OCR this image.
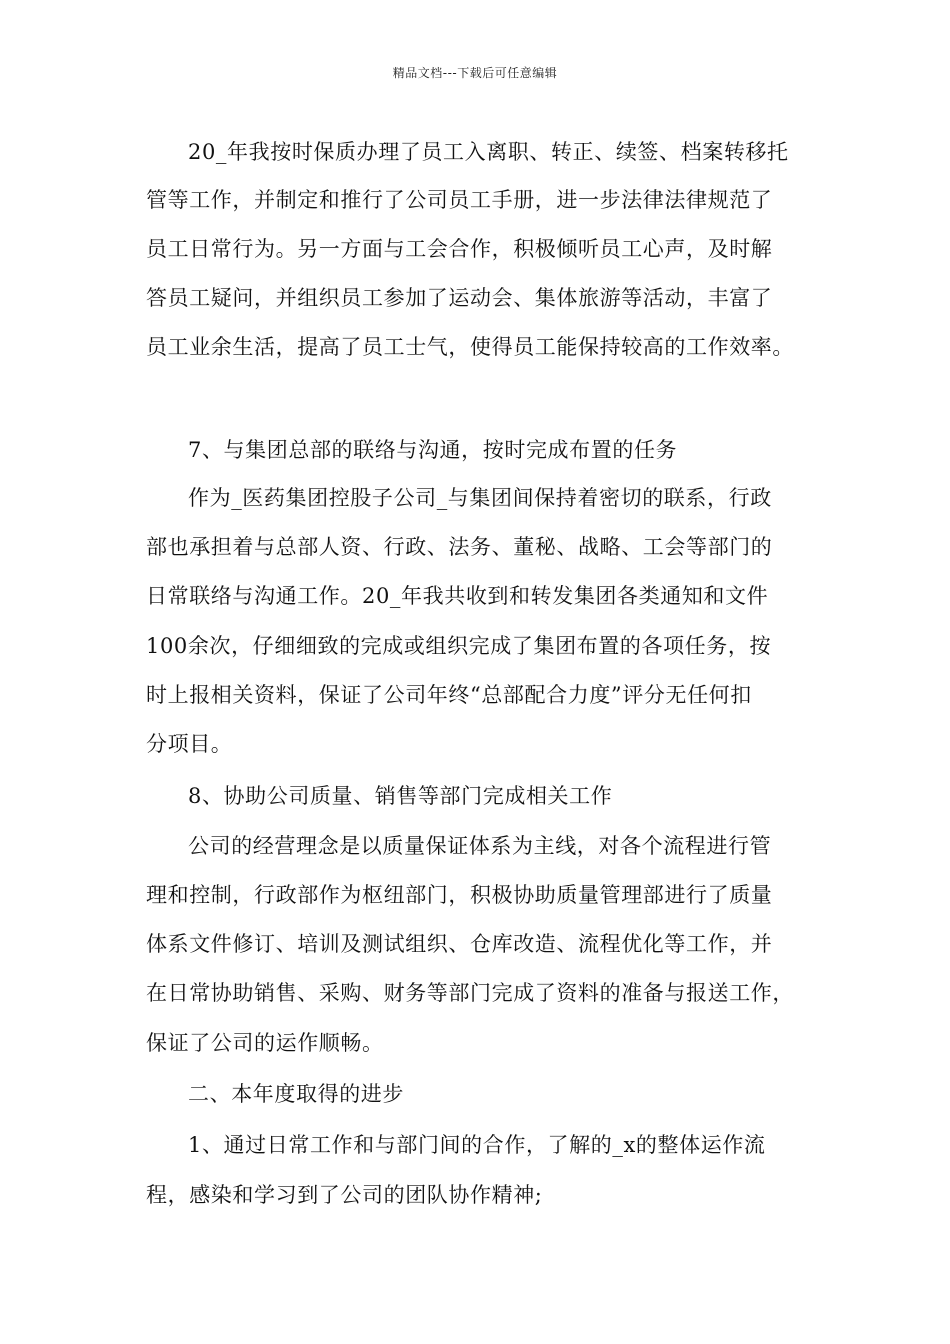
精品文档---下载后可任意编辑
20_年我按时保质办理了员工入离职、转正、续签、档案转移托
管等工作，并制定和推行了公司员工手册，进一步法律法律规范了
员工日常行为。另一方面与工会合作，积极倾听员工心声，及时解
答员工疑问，并组织员工参加了运动会、集体旅游等活动，丰富了
员工业余生活，提高了员工士气，使得员工能保持较高的工作效率。
7、与集团总部的联络与沟通，按时完成布置的任务
作为_医药集团控股子公司_与集团间保持着密切的联系，行政
部也承担着与总部人资、行政、法务、董秘、战略、工会等部门的
日常联络与沟通工作。20_年我共收到和转发集团各类通知和文件
100余次，仔细细致的完成或组织完成了集团布置的各项任务，按
时上报相关资料，保证了公司年终“总部配合力度”评分无任何扣
分项目。
8、协助公司质量、销售等部门完成相关工作
公司的经营理念是以质量保证体系为主线，对各个流程进行管
理和控制，行政部作为枢纽部门，积极协助质量管理部进行了质量
体系文件修订、培训及测试组织、仓库改造、流程优化等工作，并
在日常协助销售、采购、财务等部门完成了资料的准备与报送工作，
保证了公司的运作顺畅。
二、本年度取得的进步
1、通过日常工作和与部门间的合作，了解的_x的整体运作流
程，感染和学习到了公司的团队协作精神;
